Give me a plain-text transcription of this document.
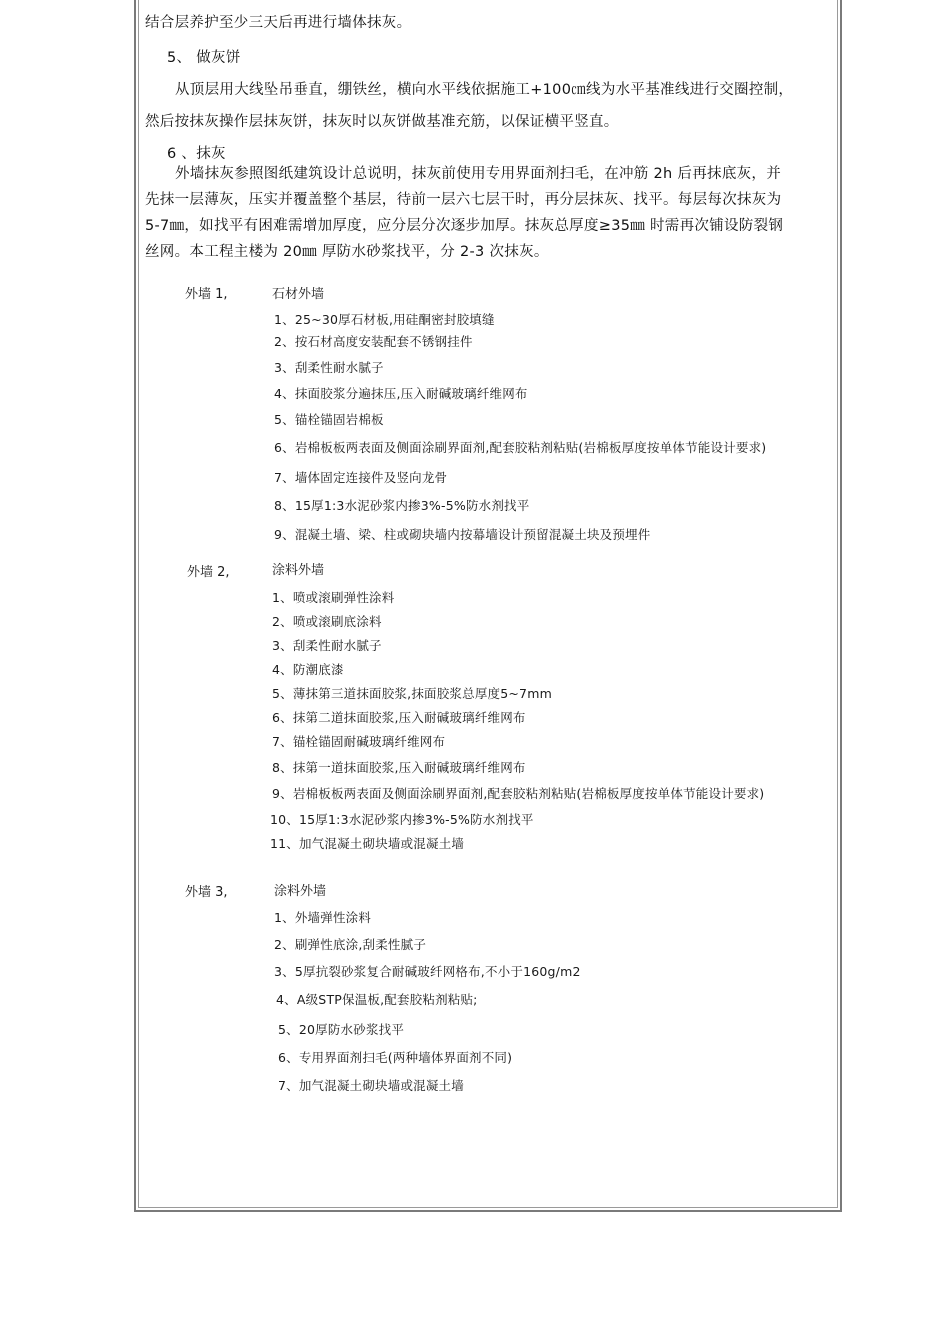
结合层养护至少三天后再进行墙体抹灰。
5、 做灰饼
从顶层用大线坠吊垂直，绷铁丝，横向水平线依据施工+100㎝线为水平基准线进行交圈控制，
然后按抹灰操作层抹灰饼，抹灰时以灰饼做基准充筋，以保证横平竖直。
6 、抹灰
外墙抹灰参照图纸建筑设计总说明，抹灰前使用专用界面剂扫毛，在冲筋 2h 后再抹底灰，并
先抹一层薄灰，压实并覆盖整个基层，待前一层六七层干时，再分层抹灰、找平。每层每次抹灰为
5-7㎜，如找平有困难需增加厚度，应分层分次逐步加厚。抹灰总厚度≥35㎜ 时需再次铺设防裂钢
丝网。本工程主楼为 20㎜ 厚防水砂浆找平，分 2-3 次抹灰。
外墙 1,	石材外墙
1、25~30厚石材板,用硅酮密封胶填缝
2、按石材高度安装配套不锈钢挂件
3、刮柔性耐水腻子
4、抹面胶浆分遍抹压,压入耐碱玻璃纤维网布
5、锚栓锚固岩棉板
6、岩棉板板两表面及侧面涂刷界面剂,配套胶粘剂粘贴(岩棉板厚度按单体节能设计要求)
7、墙体固定连接件及竖向龙骨
8、15厚1:3水泥砂浆内掺3%-5%防水剂找平
9、混凝土墙、梁、柱或砌块墙内按幕墙设计预留混凝土块及预埋件
外墙 2,	涂料外墙
1、喷或滚刷弹性涂料
2、喷或滚刷底涂料
3、刮柔性耐水腻子
4、防潮底漆
5、薄抹第三道抹面胶浆,抹面胶浆总厚度5~7mm
6、抹第二道抹面胶浆,压入耐碱玻璃纤维网布
7、锚栓锚固耐碱玻璃纤维网布
8、抹第一道抹面胶浆,压入耐碱玻璃纤维网布
9、岩棉板板两表面及侧面涂刷界面剂,配套胶粘剂粘贴(岩棉板厚度按单体节能设计要求)
10、15厚1:3水泥砂浆内掺3%-5%防水剂找平
11、加气混凝土砌块墙或混凝土墙
外墙 3,	涂料外墙
1、外墙弹性涂料
2、刷弹性底涂,刮柔性腻子
3、5厚抗裂砂浆复合耐碱玻纤网格布,不小于160g/m2
4、A级STP保温板,配套胶粘剂粘贴;
5、20厚防水砂浆找平
6、专用界面剂扫毛(两种墙体界面剂不同)
7、加气混凝土砌块墙或混凝土墙
